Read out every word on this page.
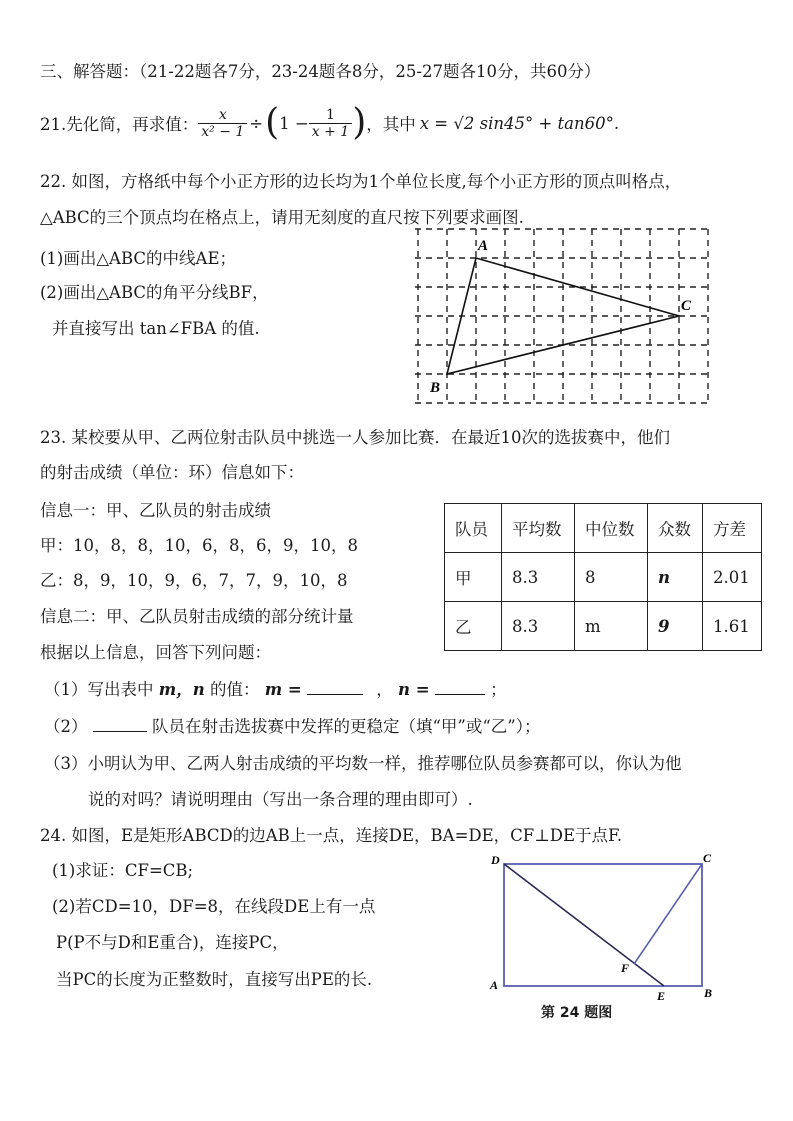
三、解答题：（21-22题各7分，23-24题各8分，25-27题各10分，共60分）
21.先化简，再求值： $\frac{x}{\text{x² − 1}}$ ÷ ( $1 - \frac{1}{x + 1}$ ) ，其中 x = √2 sin45° + tan60°.
22. 如图，方格纸中每个小正方形的边长均为1个单位长度,每个小正方形的顶点叫格点，
△ABC的三个顶点均在格点上，请用无刻度的直尺按下列要求画图.
(1)画出△ABC的中线AE；
(2)画出△ABC的角平分线BF，
并直接写出 tan∠FBA 的值.
A
C
B
23. 某校要从甲、乙两位射击队员中挑选一人参加比赛．在最近10次的选拔赛中，他们
的射击成绩（单位：环）信息如下：
信息一：甲、乙队员的射击成绩
甲：10，8，8，10，6，8，6，9，10，8
乙：8，9，10，9，6，7，7，9，10，8
信息二：甲、乙队员射击成绩的部分统计量
根据以上信息，回答下列问题：
队员	平均数	中位数	众数	方差
甲	8.3	8	n	2.01
乙	8.3	m	9	1.61
（1）写出表中 m，n 的值： m =	， n =	；
（2）	队员在射击选拔赛中发挥的更稳定（填“甲”或“乙”）；
（3）小明认为甲、乙两人射击成绩的平均数一样，推荐哪位队员参赛都可以，你认为他
说的对吗？请说明理由（写出一条合理的理由即可）.
24. 如图，E是矩形ABCD的边AB上一点，连接DE，BA=DE，CF⊥DE于点F.
(1)求证：CF=CB;
(2)若CD=10，DF=8，在线段DE上有一点
P(P不与D和E重合)，连接PC，
当PC的长度为正整数时，直接写出PE的长.
D	C
A
B
E
F
第 24 题图
